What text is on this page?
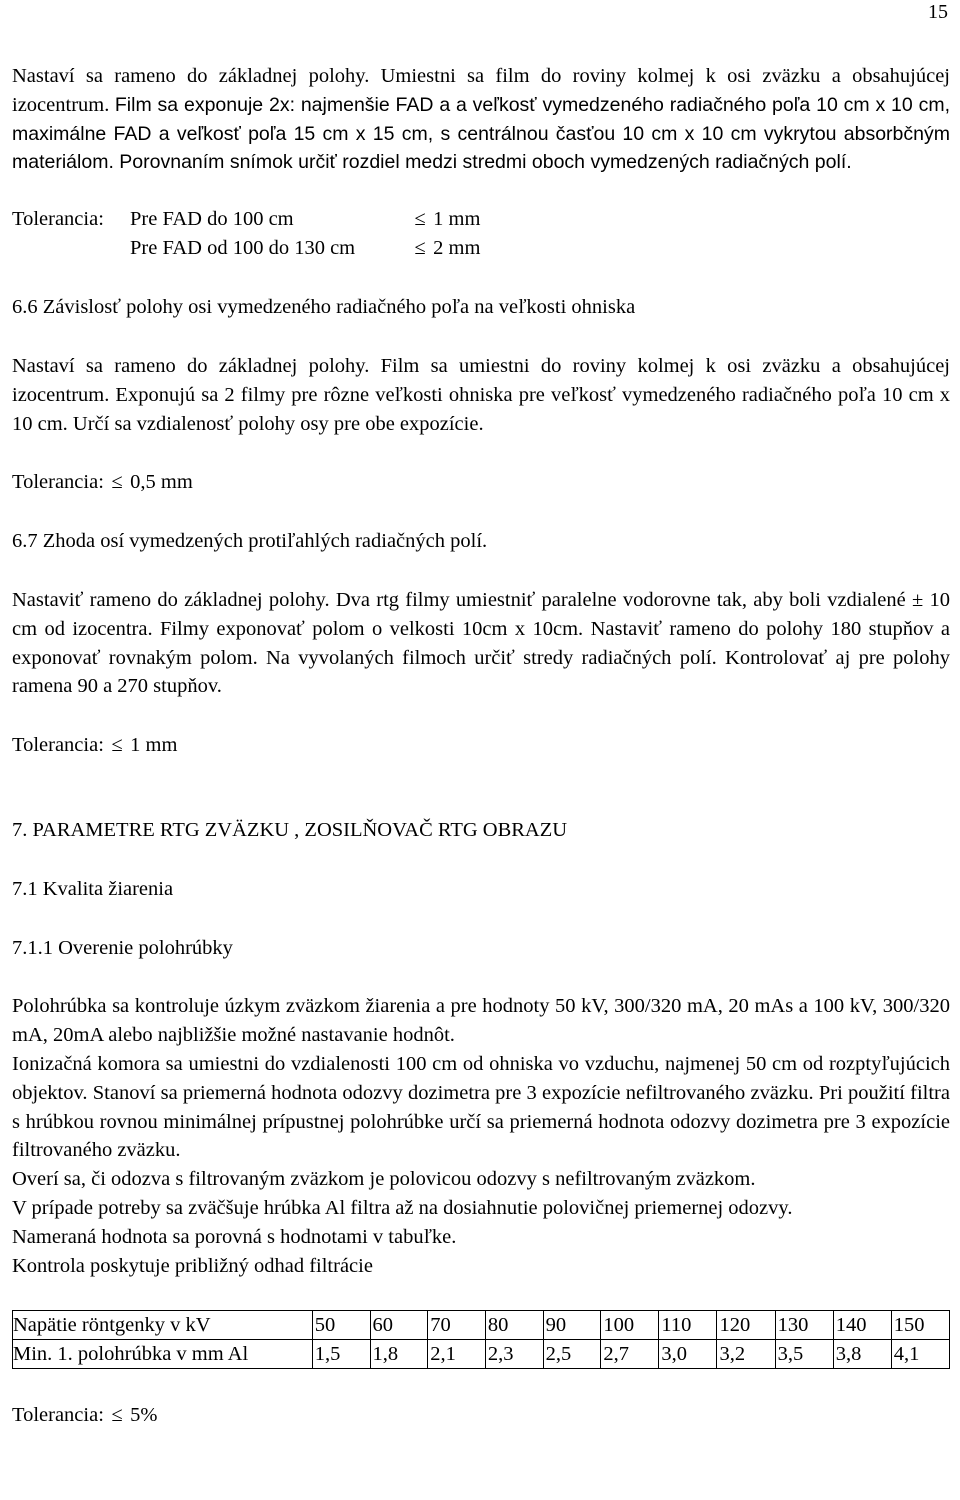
15

Nastaví sa rameno do základnej polohy. Umiestni sa film do roviny kolmej k osi zväzku a obsahujúcej izocentrum. Film sa exponuje 2x: najmenšie FAD a a veľkosť vymedzeného radiačného poľa 10 cm x 10 cm, maximálne FAD a veľkosť poľa 15 cm x 15 cm, s centrálnou časťou 10 cm x 10 cm vykrytou absorbčným materiálom. Porovnaním snímok určiť rozdiel medzi stredmi oboch vymedzených radiačných polí.

Tolerancia: Pre FAD do 100 cm	≤ 1 mm
Pre FAD od 100 do 130 cm	≤ 2 mm
6.6 Závislosť polohy osi vymedzeného radiačného poľa na veľkosti ohniska

Nastaví sa rameno do základnej polohy. Film sa umiestni do roviny kolmej k osi zväzku a obsahujúcej izocentrum. Exponujú sa 2 filmy pre rôzne veľkosti ohniska pre veľkosť vymedzeného radiačného poľa 10 cm x 10 cm. Určí sa vzdialenosť polohy osy pre obe expozície.

Tolerancia: ≤ 0,5 mm

6.7 Zhoda osí vymedzených protiľahlých radiačných polí.

Nastaviť rameno do základnej polohy. Dva rtg filmy umiestniť paralelne vodorovne tak, aby boli vzdialené ± 10 cm od izocentra. Filmy exponovať polom o velkosti 10cm x 10cm. Nastaviť rameno do polohy 180 stupňov a exponovať rovnakým polom. Na vyvolaných filmoch určiť stredy radiačných polí. Kontrolovať aj pre polohy ramena 90 a 270 stupňov.

Tolerancia: ≤ 1 mm

7. PARAMETRE RTG ZVÄZKU , ZOSILŇOVAČ RTG OBRAZU
7.1 Kvalita žiarenia
7.1.1 Overenie polohrúbky

Polohrúbka sa kontroluje úzkym zväzkom žiarenia a pre hodnoty 50 kV, 300/320 mA, 20 mAs a 100 kV, 300/320 mA, 20mA alebo najbližšie možné nastavanie hodnôt.

Ionizačná komora sa umiestni do vzdialenosti 100 cm od ohniska vo vzduchu, najmenej 50 cm od rozptyľujúcich objektov. Stanoví sa priemerná hodnota odozvy dozimetra pre 3 expozície nefiltrovaného zväzku. Pri použití filtra s hrúbkou rovnou minimálnej prípustnej polohrúbke určí sa priemerná hodnota odozvy dozimetra pre 3 expozície filtrovaného zväzku.

Overí sa, či odozva s filtrovaným zväzkom je polovicou odozvy s nefiltrovaným zväzkom.

V prípade potreby sa zväčšuje hrúbka Al filtra až na dosiahnutie polovičnej priemernej odozvy.

Nameraná hodnota sa porovná s hodnotami v tabuľke.

Kontrola poskytuje približný odhad filtrácie

Napätie röntgenky v kV	50	60	70	80	90	100	110	120	130	140	150
Min. 1. polohrúbka v mm Al	1,5	1,8	2,1	2,3	2,5	2,7	3,0	3,2	3,5	3,8	4,1

Tolerancia: ≤ 5%
